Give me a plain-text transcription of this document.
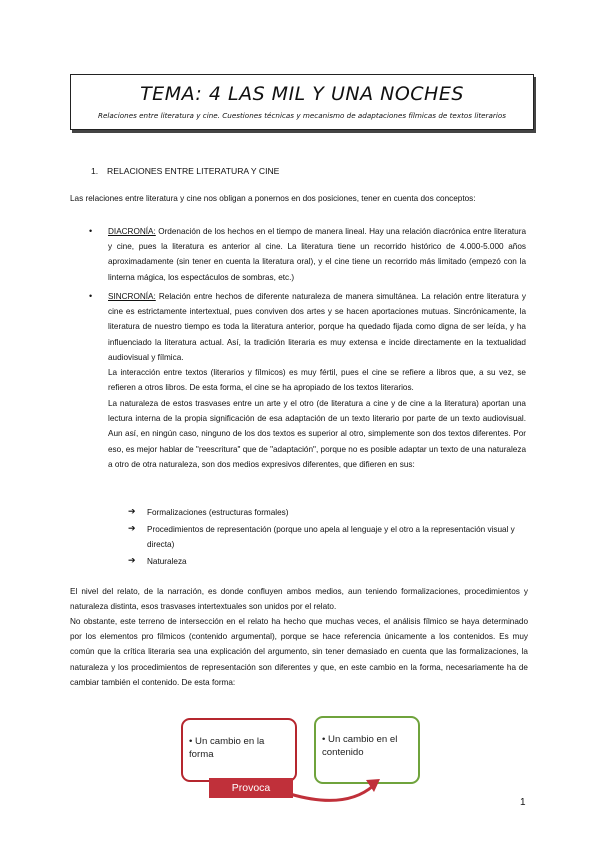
TEMA: 4 LAS MIL Y UNA NOCHES
Relaciones entre literatura y cine. Cuestiones técnicas y mecanismo de adaptaciones fílmicas de textos literarios
1. RELACIONES ENTRE LITERATURA Y CINE
Las relaciones entre literatura y cine nos obligan a ponernos en dos posiciones, tener en cuenta dos conceptos:
• DIACRONÍA: Ordenación de los hechos en el tiempo de manera lineal. Hay una relación diacrónica entre literatura y cine, pues la literatura es anterior al cine. La literatura tiene un recorrido histórico de 4.000-5.000 años aproximadamente (sin tener en cuenta la literatura oral), y el cine tiene un recorrido más limitado (empezó con la linterna mágica, los espectáculos de sombras, etc.)
• SINCRONÍA: Relación entre hechos de diferente naturaleza de manera simultánea. La relación entre literatura y cine es estrictamente intertextual, pues conviven dos artes y se hacen aportaciones mutuas. Sincrónicamente, la literatura de nuestro tiempo es toda la literatura anterior, porque ha quedado fijada como digna de ser leída, y ha influenciado la literatura actual. Así, la tradición literaria es muy extensa e incide directamente en la textualidad audiovisual y fílmica.
La interacción entre textos (literarios y fílmicos) es muy fértil, pues el cine se refiere a libros que, a su vez, se refieren a otros libros. De esta forma, el cine se ha apropiado de los textos literarios.
La naturaleza de estos trasvases entre un arte y el otro (de literatura a cine y de cine a la literatura) aportan una lectura interna de la propia significación de esa adaptación de un texto literario por parte de un texto audiovisual. Aun así, en ningún caso, ninguno de los dos textos es superior al otro, simplemente son dos textos diferentes. Por eso, es mejor hablar de "reescritura" que de "adaptación", porque no es posible adaptar un texto de una naturaleza a otro de otra naturaleza, son dos medios expresivos diferentes, que difieren en sus:
➔ Formalizaciones (estructuras formales)
➔ Procedimientos de representación (porque uno apela al lenguaje y el otro a la representación visual y directa)
➔ Naturaleza
El nivel del relato, de la narración, es donde confluyen ambos medios, aun teniendo formalizaciones, procedimientos y naturaleza distinta, esos trasvases intertextuales son unidos por el relato.
No obstante, este terreno de intersección en el relato ha hecho que muchas veces, el análisis fílmico se haya determinado por los elementos pro fílmicos (contenido argumental), porque se hace referencia únicamente a los contenidos. Es muy común que la crítica literaria sea una explicación del argumento, sin tener demasiado en cuenta que las formalizaciones, la naturaleza y los procedimientos de representación son diferentes y que, en este cambio en la forma, necesariamente ha de cambiar también el contenido. De esta forma:
• Un cambio en la forma
• Un cambio en el contenido
Provoca
1
